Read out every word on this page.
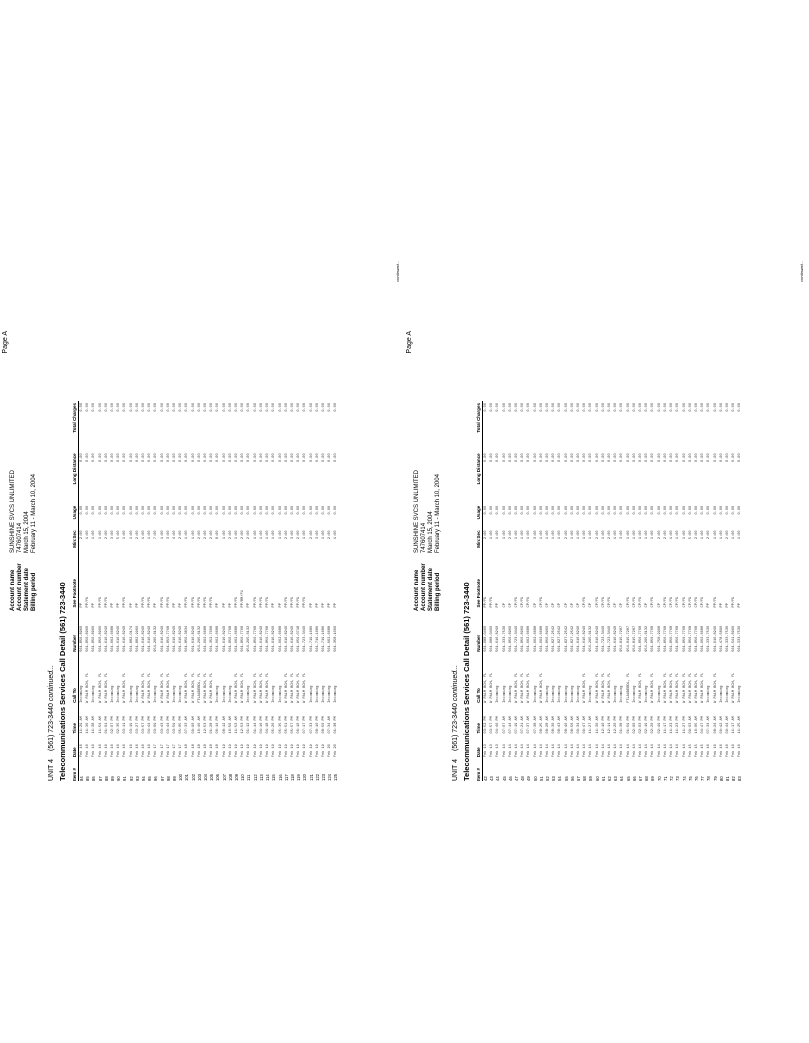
Page A
Account name
SUNSHINE SVCS UNLIMITED
Account number
747607414
Statement date
March 15, 2004
Billing period
February 11 - March 10, 2004
UNIT 4 (561) 723-3440 continued... Telecommunications Services Call Detail (561) 723-3440 Item #	Date	Time	Call To	Number	See Footnote	Min:Sec	Usage	Long Distance	Total Charges
42	Feb 13	03:52 PM	W PALM BCH, FL	561-688-0400	PP/FU	2:00	0.00	0.00	0.00
43	Feb 13	03:57 PM	W PALM BCH, FL	561-688-0400	PP/FU	1:00	0.00	0.00	0.00
44	Feb 13	04:46 PM	Incoming	561-616-8240	PP	1:00	0.00	0.00	0.00
45	Feb 14	07:07 AM	Incoming	561-333-7530	CP	1:00	0.00	0.00	0.00
46	Feb 14	07:14 AM	Incoming	561-856-8960	CP	2:00	0.00	0.00	0.00
47	Feb 14	07:19 AM	W PALM BCH, FL	561-723-3440	CP/FU	1:00	0.00	0.00	0.00
48	Feb 14	07:21 AM	W PALM BCH, FL	561-856-8960	CP/FU	1:00	0.00	0.00	0.00
49	Feb 14	07:37 AM	W PALM BCH, FL	561-662-6688	CP/FU	1:00	0.00	0.00	0.00
50	Feb 14	07:38 AM	Incoming	561-662-6688	CP	3:00	0.00	0.00	0.00
51	Feb 14	08:25 AM	W PALM BCH, FL	561-662-6688	CP/FU	1:00	0.00	0.00	0.00
52	Feb 14	08:28 AM	Incoming	561-856-8960	CP	1:00	0.00	0.00	0.00
53	Feb 14	08:30 AM	Incoming	561-827-2542	CP	1:00	0.00	0.00	0.00
54	Feb 14	08:43 AM	Incoming	561-827-2542	CP	1:00	0.00	0.00	0.00
55	Feb 14	08:46 AM	Incoming	561-827-2542	CP	2:00	0.00	0.00	0.00
56	Feb 14	08:56 AM	Incoming	561-827-2542	CP	1:00	0.00	0.00	0.00
57	Feb 14	09:34 AM	Incoming	561-616-8240	CP	1:00	0.00	0.00	0.00
58	Feb 14	09:47 AM	W PALM BCH, FL	561-616-8240	CP/FU	1:00	0.00	0.00	0.00
59	Feb 14	11:27 AM	Incoming	954-295-6132	CP	1:00	0.00	0.00	0.00
60	Feb 14	11:30 AM	W PALM BCH, FL	561-616-8240	CP/FU	2:00	0.00	0.00	0.00
61	Feb 14	12:10 PM	W PALM BCH, FL	561-723-3440	CP/FU	1:00	0.00	0.00	0.00
62	Feb 14	12:11 PM	W PALM BCH, FL	561-723-3440	CP/FU	2:00	0.00	0.00	0.00
63	Feb 14	12:20 PM	Incoming	561-616-8240	CP	1:00	0.00	0.00	0.00
64	Feb 14	01:38 PM	Incoming	954-815-7287	CP	3:00	0.00	0.00	0.00
65	Feb 14	01:59 PM	FTLAUDERDL, FL	954-815-7287	CP/FU	1:00	0.00	0.00	0.00
66	Feb 14	02:00 PM	Incoming	954-815-7287	CP/FU	1:00	0.00	0.00	0.00
67	Feb 14	02:03 PM	W PALM BCH, FL	561-856-7768	CP/FU	1:00	0.00	0.00	0.00
68	Feb 14	02:19 PM	Incoming	954-295-6132	CP	1:00	0.00	0.00	0.00
69	Feb 14	02:20 PM	W PALM BCH, FL	561-856-7768	CP/FU	1:00	0.00	0.00	0.00
70	Feb 14	02:49 PM	Incoming	561-758-9998	CP	2:00	0.00	0.00	0.00
71	Feb 14	11:17 PM	W PALM BCH, FL	561-856-7768	CP/FU	2:00	0.00	0.00	0.00
72	Feb 14	11:23 PM	W PALM BCH, FL	561-856-7768	CP/FU	1:00	0.00	0.00	0.00
73	Feb 14	11:23 PM	W PALM BCH, FL	561-856-7768	CP/FU	1:00	0.00	0.00	0.00
74	Feb 14	11:27 PM	W PALM BCH, FL	561-856-7768	CP/FU	1:00	0.00	0.00	0.00
75	Feb 15	09:03 AM	W PALM BCH, FL	561-856-7768	CP/FU	5:00	0.00	0.00	0.00
76	Feb 15	10:05 AM	W PALM BCH, FL	561-856-7768	CP/FU	2:00	0.00	0.00	0.00
77	Feb 15	04:47 PM	W PALM BCH, FL	561-662-6688	CP/FU	1:00	0.00	0.00	0.00
78	Feb 16	07:34 AM	Incoming	561-333-7530	PP	2:00	0.00	0.00	0.00
79	Feb 16	08:24 AM	W PALM BCH, FL	561-616-8240	PP/FU	1:00	0.00	0.00	0.00
80	Feb 16	09:42 AM	Incoming	561-478-5890	PP	1:00	0.00	0.00	0.00
81	Feb 16	09:44 AM	Incoming	561-333-7530	PP	2:00	0.00	0.00	0.00
82	Feb 16	11:17 AM	W PALM BCH, FL	561-541-8960	PP/FU	1:00	0.00	0.00	0.00
83	Feb 16	11:25 AM	Incoming	561-333-7530	PP	1:00	0.00	0.00	0.00
continued...
Page A
Account name
SUNSHINE SVCS UNLIMITED
Account number
747607414
Statement date
March 15, 2004
Billing period
February 11 - March 10, 2004
UNIT 4 (561) 723-3440 continued... Telecommunications Services Call Detail (561) 723-3440 Item #	Date	Time	Call To	Number	See Footnote	Min:Sec	Usage	Long Distance	Total Charges
84	Feb 16	11:29 AM	Incoming	561-856-8960	PP	2:00	0.00	0.00	0.00
85	Feb 16	11:36 AM	W PALM BCH, FL	561-856-8960	PP/FU	1:00	0.00	0.00	0.00
86	Feb 16	11:38 AM	Incoming	561-856-8960	PP	1:00	0.00	0.00	0.00
87	Feb 16	11:54 AM	W PALM BCH, FL	561-856-8960	PP/FU	1:00	0.00	0.00	0.00
88	Feb 16	01:01 PM	W PALM BCH, FL	561-616-8240	PP/FU	2:00	0.00	0.00	0.00
89	Feb 16	02:07 PM	Incoming	561-662-6688	PP	3:00	0.00	0.00	0.00
90	Feb 16	02:35 PM	Incoming	561-616-8240	PP	5:00	0.00	0.00	0.00
91	Feb 16	03:11 PM	W PALM BCH, FL	561-616-8240	PP/FU	1:00	0.00	0.00	0.00
92	Feb 16	03:19 PM	Incoming	561-882-0174	PP	1:00	0.00	0.00	0.00
93	Feb 16	03:27 PM	Incoming	561-882-9960	PP	2:00	0.00	0.00	0.00
94	Feb 16	03:57 PM	W PALM BCH, FL	561-616-8240	PP/FU	1:00	0.00	0.00	0.00
95	Feb 16	04:44 PM	W PALM BCH, FL	561-616-8240	PP/FU	1:00	0.00	0.00	0.00
96	Feb 17	03:09 PM	Incoming	954-295-6132	PP	7:00	0.00	0.00	0.00
97	Feb 17	03:43 PM	W PALM BCH, FL	561-616-8240	PP/FU	1:00	0.00	0.00	0.00
98	Feb 17	03:44 PM	W PALM BCH, FL	561-856-7768	PP/FU	3:00	0.00	0.00	0.00
99	Feb 17	03:59 PM	Incoming	561-616-8240	PP	4:00	0.00	0.00	0.00
100	Feb 17	05:05 PM	Incoming	561-616-8240	PP	2:00	0.00	0.00	0.00
101	Feb 18	07:33 AM	W PALM BCH, FL	561-856-3834	PP/FU	1:00	0.00	0.00	0.00
102	Feb 18	09:00 AM	W PALM BCH, FL	561-616-8240	PP/FU	1:00	0.00	0.00	0.00
103	Feb 18	10:46 AM	FTLAUDERDL, FL	954-295-6132	PP/FU	2:00	0.00	0.00	0.00
104	Feb 18	12:53 PM	W PALM BCH, FL	561-662-6688	PP/FU	2:00	0.00	0.00	0.00
105	Feb 18	01:28 PM	W PALM BCH, FL	561-352-7008	PP/FU	2:00	0.00	0.00	0.00
106	Feb 18	06:14 PM	Incoming	561-662-6688	PP	8:00	0.00	0.00	0.00
107	Feb 19	08:12 AM	Incoming	561-616-8240	PP	1:00	0.00	0.00	0.00
108	Feb 19	10:56 AM	Incoming	561-856-7768	PP	2:00	0.00	0.00	0.00
109	Feb 19	11:53 AM	W PALM BCH, FL	561-662-6688	PP/FU	1:00	0.00	0.00	0.00
110	Feb 19	12:53 PM	W PALM BCH, FL	561-856-7768	PP/RM/FU	2:00	0.00	0.00	0.00
111	Feb 19	01:12 PM	Incoming	954-295-6132	PP	2:00	0.00	0.00	0.00
112	Feb 19	01:14 PM	W PALM BCH, FL	561-856-7768	PP/FU	1:00	0.00	0.00	0.00
113	Feb 19	04:16 PM	W PALM BCH, FL	561-616-8240	PP/FU	1:00	0.00	0.00	0.00
114	Feb 19	04:18 PM	W PALM BCH, FL	561-856-7768	PP/FU	1:00	0.00	0.00	0.00
115	Feb 19	05:26 PM	Incoming	561-616-8240	PP	1:00	0.00	0.00	0.00
116	Feb 19	05:35 PM	Incoming	561-662-6688	PP	1:00	0.00	0.00	0.00
117	Feb 19	05:51 PM	W PALM BCH, FL	561-616-8240	PP/FU	2:00	0.00	0.00	0.00
118	Feb 19	05:57 PM	W PALM BCH, FL	561-616-8240	PP/FU	3:00	0.00	0.00	0.00
119	Feb 19	06:10 PM	W PALM BCH, FL	561-659-0718	PP/FU	2:00	0.00	0.00	0.00
120	Feb 19	07:17 PM	W PALM BCH, FL	561-723-3440	PP/FU	1:00	0.00	0.00	0.00
121	Feb 19	07:33 PM	Incoming	561-719-1686	PP	2:00	0.00	0.00	0.00
122	Feb 19	08:10 PM	Incoming	561-719-1686	PP	3:00	0.00	0.00	0.00
123	Feb 19	08:50 PM	Incoming	561-719-1686	PP	1:00	0.00	0.00	0.00
124	Feb 20	07:34 AM	Incoming	561-662-6688	PP	2:00	0.00	0.00	0.00
125	Feb 20	01:38 PM	Incoming	561-358-1000	PP	1:00	0.00	0.00	0.00
continued...
